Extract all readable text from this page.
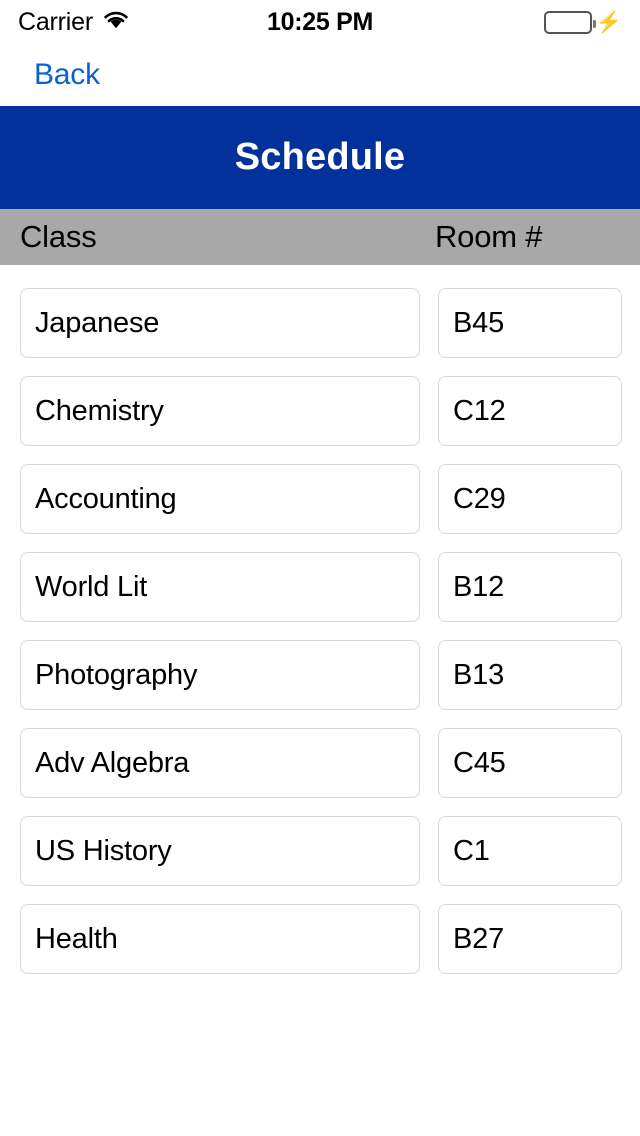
Carrier	10:25 PM	⚡
Back
Schedule
Class	Room #
Japanese	B45
Chemistry	C12
Accounting	C29
World Lit	B12
Photography	B13
Adv Algebra	C45
US History	C1
Health	B27
